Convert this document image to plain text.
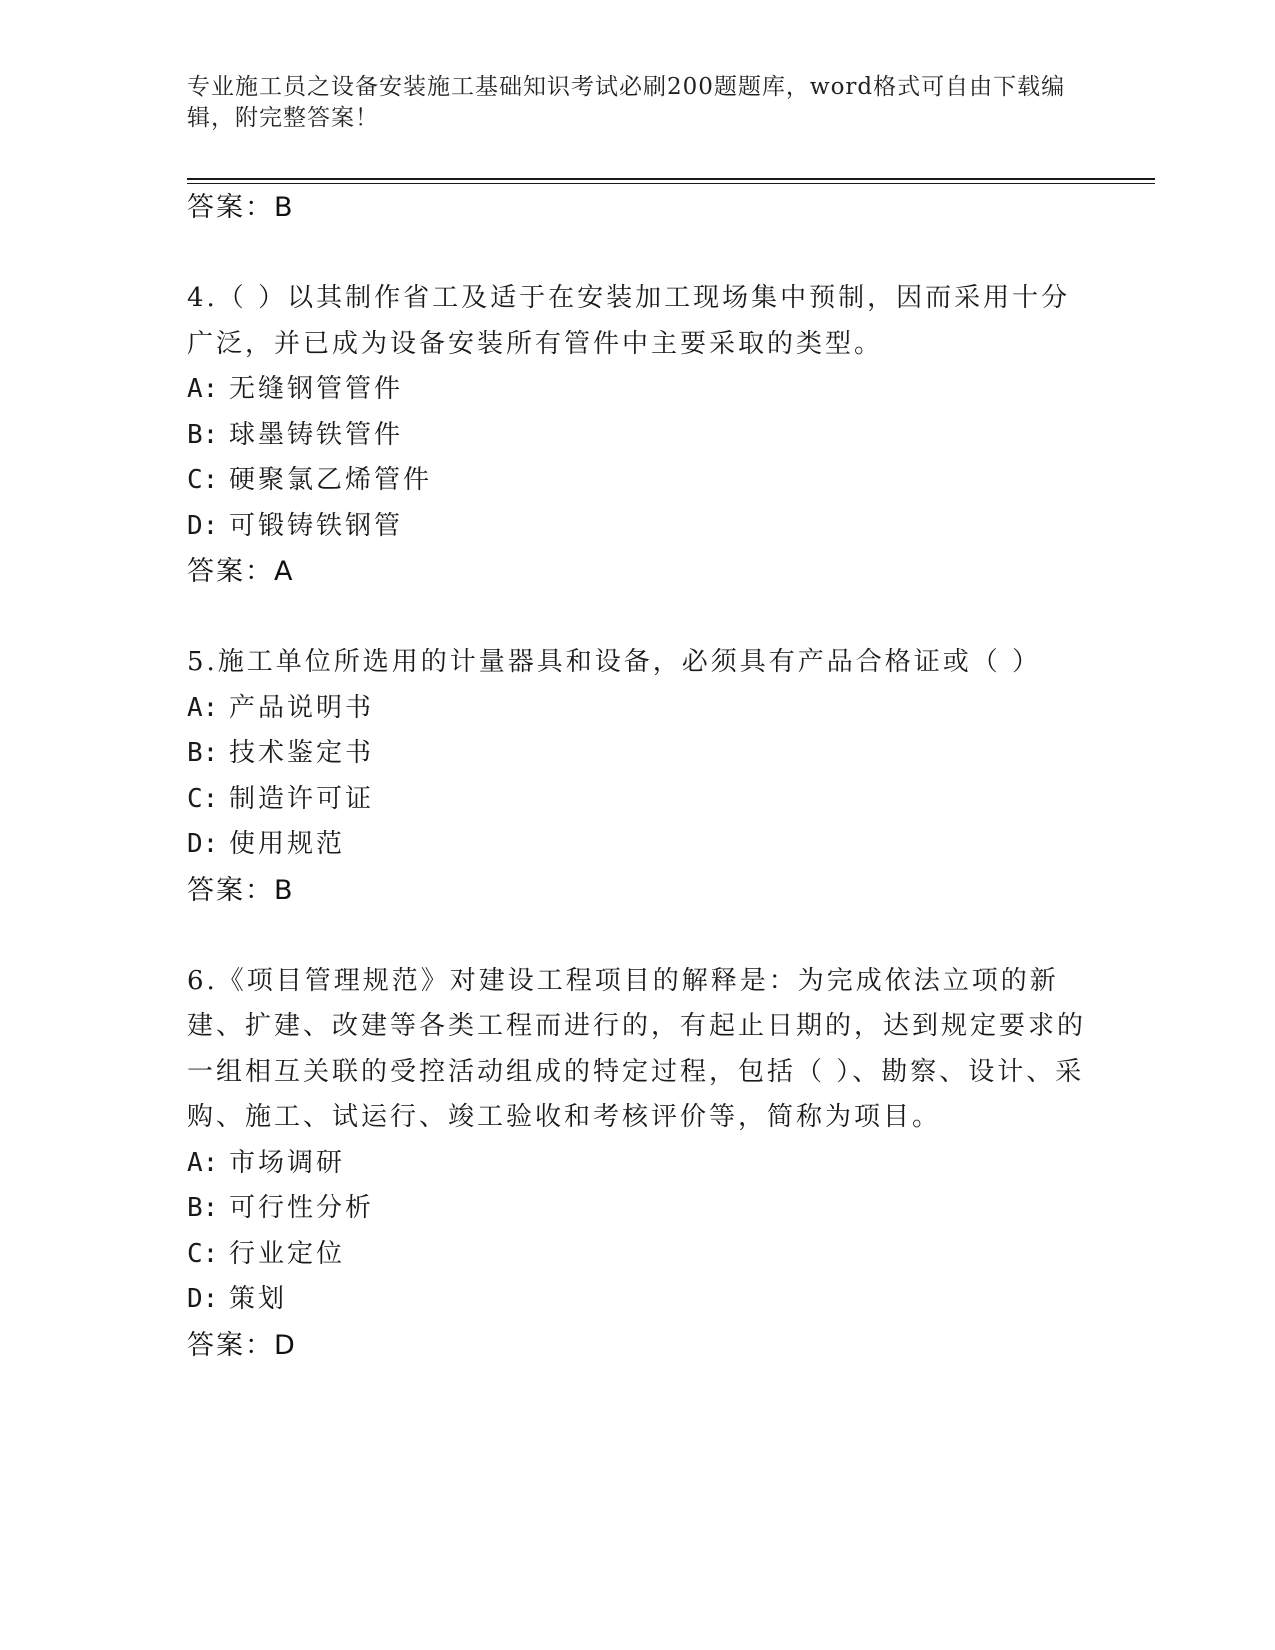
专业施工员之设备安装施工基础知识考试必刷200题题库，word格式可自由下载编辑，附完整答案！
答案：B
4.（ ）以其制作省工及适于在安装加工现场集中预制，因而采用十分广泛，并已成为设备安装所有管件中主要采取的类型。
A: 无缝钢管管件
B: 球墨铸铁管件
C: 硬聚氯乙烯管件
D: 可锻铸铁钢管
答案：A
5.施工单位所选用的计量器具和设备，必须具有产品合格证或（ ）
A: 产品说明书
B: 技术鉴定书
C: 制造许可证
D: 使用规范
答案：B
6.《项目管理规范》对建设工程项目的解释是：为完成依法立项的新建、扩建、改建等各类工程而进行的，有起止日期的，达到规定要求的一组相互关联的受控活动组成的特定过程，包括（ ）、勘察、设计、采购、施工、试运行、竣工验收和考核评价等，简称为项目。
A: 市场调研
B: 可行性分析
C: 行业定位
D: 策划
答案：D
